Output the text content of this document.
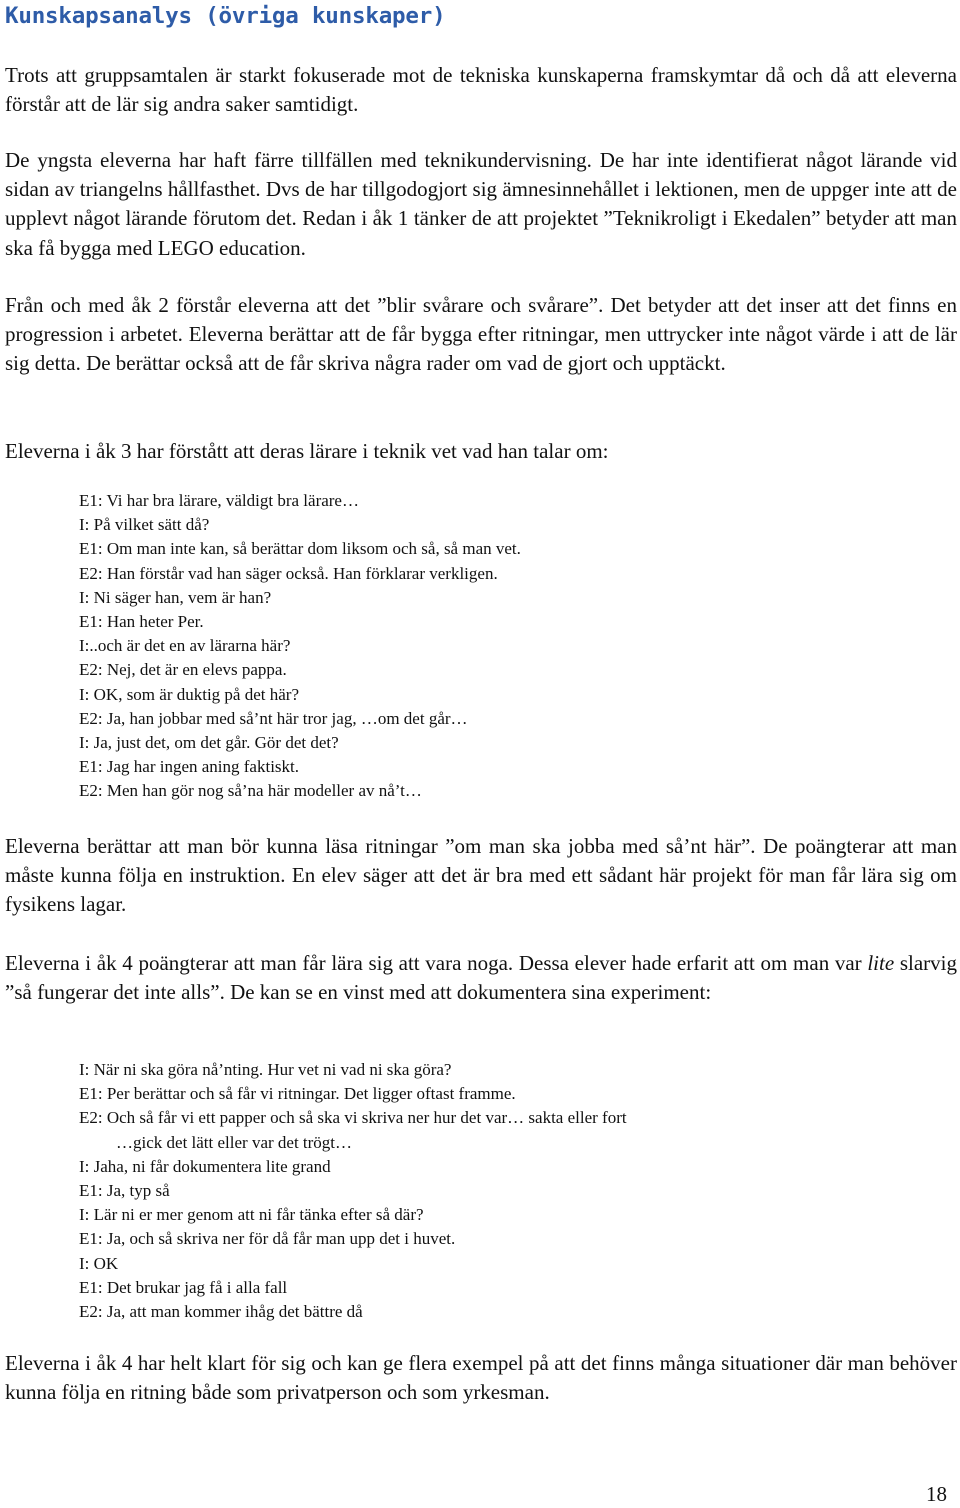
Kunskapsanalys (övriga kunskaper)

Trots att gruppsamtalen är starkt fokuserade mot de tekniska kunskaperna framskymtar då och då att eleverna förstår att de lär sig andra saker samtidigt.

De yngsta eleverna har haft färre tillfällen med teknikundervisning. De har inte identifierat något lärande vid sidan av triangelns hållfasthet. Dvs de har tillgodogjort sig ämnesinnehållet i lektionen, men de uppger inte att de upplevt något lärande förutom det. Redan i åk 1 tänker de att projektet ”Teknikroligt i Ekedalen” betyder att man ska få bygga med LEGO education.

Från och med åk 2 förstår eleverna att det ”blir svårare och svårare”. Det betyder att det inser att det finns en progression i arbetet. Eleverna berättar att de får bygga efter ritningar, men uttrycker inte något värde i att de lär sig detta. De berättar också att de får skriva några rader om vad de gjort och upptäckt.

Eleverna i åk 3 har förstått att deras lärare i teknik vet vad han talar om:

E1: Vi har bra lärare, väldigt bra lärare…
I: På vilket sätt då?
E1: Om man inte kan, så berättar dom liksom och så, så man vet.
E2: Han förstår vad han säger också. Han förklarar verkligen.
I: Ni säger han, vem är han?
E1: Han heter Per.
I:..och är det en av lärarna här?
E2: Nej, det är en elevs pappa.
I: OK, som är duktig på det här?
E2: Ja, han jobbar med så’nt här tror jag, …om det går…
I: Ja, just det, om det går. Gör det det?
E1: Jag har ingen aning faktiskt.
E2: Men han gör nog så’na här modeller av nå’t…

Eleverna berättar att man bör kunna läsa ritningar ”om man ska jobba med så’nt här”. De poängterar att man måste kunna följa en instruktion. En elev säger att det är bra med ett sådant här projekt för man får lära sig om fysikens lagar.

Eleverna i åk 4 poängterar att man får lära sig att vara noga. Dessa elever hade erfarit att om man var lite slarvig ”så fungerar det inte alls”. De kan se en vinst med att dokumentera sina experiment:

I: När ni ska göra nå’nting. Hur vet ni vad ni ska göra?
E1: Per berättar och så får vi ritningar. Det ligger oftast framme.
E2: Och så får vi ett papper och så ska vi skriva ner hur det var… sakta eller fort
…gick det lätt eller var det trögt…
I: Jaha, ni får dokumentera lite grand
E1: Ja, typ så
I: Lär ni er mer genom att ni får tänka efter så där?
E1: Ja, och så skriva ner för då får man upp det i huvet.
I: OK
E1: Det brukar jag få i alla fall
E2: Ja, att man kommer ihåg det bättre då

Eleverna i åk 4 har helt klart för sig och kan ge flera exempel på att det finns många situationer där man behöver kunna följa en ritning både som privatperson och som yrkesman.

18
